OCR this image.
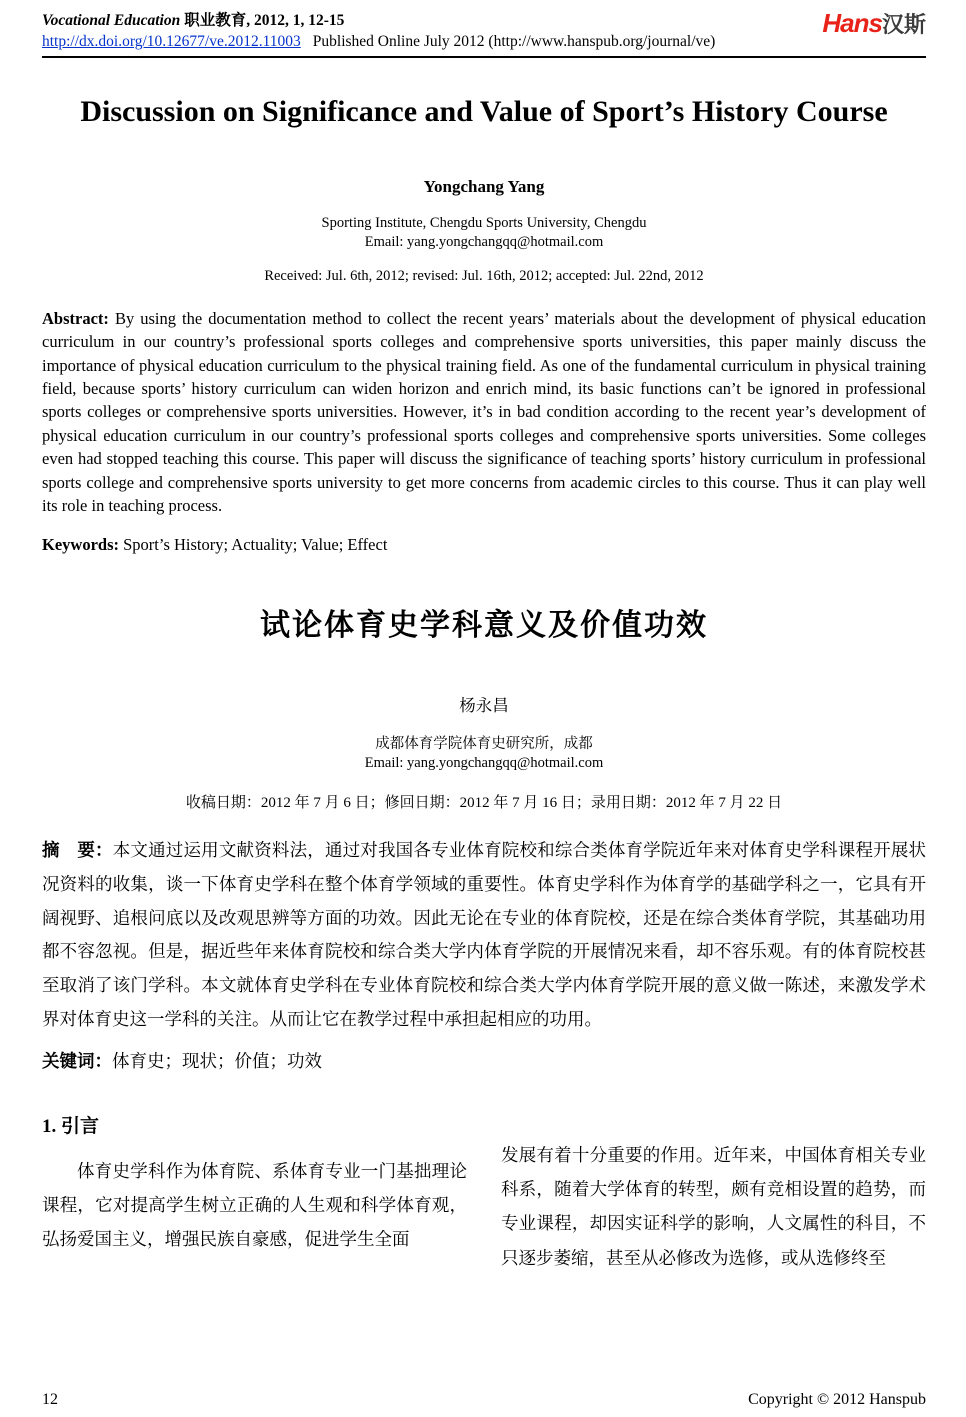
Vocational Education 职业教育, 2012, 1, 12-15
http://dx.doi.org/10.12677/ve.2012.11003 Published Online July 2012 (http://www.hanspub.org/journal/ve)
Hans汉斯
Discussion on Significance and Value of Sport’s History Course
Yongchang Yang
Sporting Institute, Chengdu Sports University, Chengdu
Email: yang.yongchangqq@hotmail.com
Received: Jul. 6th, 2012; revised: Jul. 16th, 2012; accepted: Jul. 22nd, 2012

Abstract: By using the documentation method to collect the recent years’ materials about the development of physical education curriculum in our country’s professional sports colleges and comprehensive sports universities, this paper mainly discuss the importance of physical education curriculum to the physical training field. As one of the fundamental curriculum in physical training field, because sports’ history curriculum can widen horizon and enrich mind, its basic functions can’t be ignored in professional sports colleges or comprehensive sports universities. However, it’s in bad condition according to the recent year’s development of physical education curriculum in our country’s professional sports colleges and comprehensive sports universities. Some colleges even had stopped teaching this course. This paper will discuss the significance of teaching sports’ history curriculum in professional sports college and comprehensive sports university to get more concerns from academic circles to this course. Thus it can play well its role in teaching process.

Keywords: Sport’s History; Actuality; Value; Effect

试论体育史学科意义及价值功效
杨永昌
成都体育学院体育史研究所，成都
Email: yang.yongchangqq@hotmail.com
收稿日期：2012 年 7 月 6 日；修回日期：2012 年 7 月 16 日；录用日期：2012 年 7 月 22 日

摘　要：本文通过运用文献资料法，通过对我国各专业体育院校和综合类体育学院近年来对体育史学科课程开展状况资料的收集，谈一下体育史学科在整个体育学领域的重要性。体育史学科作为体育学的基础学科之一，它具有开阔视野、追根问底以及改观思辨等方面的功效。因此无论在专业的体育院校，还是在综合类体育学院，其基础功用都不容忽视。但是，据近些年来体育院校和综合类大学内体育学院的开展情况来看，却不容乐观。有的体育院校甚至取消了该门学科。本文就体育史学科在专业体育院校和综合类大学内体育学院开展的意义做一陈述，来激发学术界对体育史这一学科的关注。从而让它在教学过程中承担起相应的功用。

关键词：体育史；现状；价值；功效

1. 引言

体育史学科作为体育院、系体育专业一门基拙理论课程，它对提高学生树立正确的人生观和科学体育观，弘扬爱国主义，增强民族自豪感，促进学生全面

发展有着十分重要的作用。近年来，中国体育相关专业科系，随着大学体育的转型，颇有竞相设置的趋势，而专业课程，却因实证科学的影响，人文属性的科目，不只逐步萎缩，甚至从必修改为选修，或从选修终至

12	Copyright © 2012 Hanspub
